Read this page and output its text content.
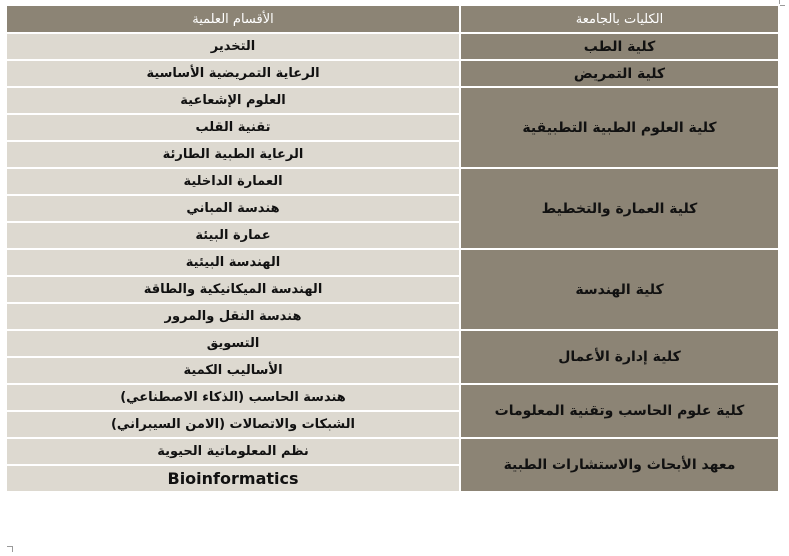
الأقسام العلمية	الكليات بالجامعة
التخدير	كلية الطب
الرعاية التمريضية الأساسية	كلية التمريض
العلوم الإشعاعية	كلية العلوم الطبية التطبيقية
تقنية القلب	
الرعاية الطبية الطارئة	
العمارة الداخلية	كلية العمارة والتخطيط
هندسة المباني	
عمارة البيئة	
الهندسة البيئية	كلية الهندسة
الهندسة الميكانيكية والطاقة	
هندسة النقل والمرور	
التسويق	كلية إدارة الأعمال
الأساليب الكمية	
هندسة الحاسب (الذكاء الاصطناعي)	كلية علوم الحاسب وتقنية المعلومات
الشبكات والاتصالات (الامن السيبراني)	
نظم المعلوماتية الحيوية	معهد الأبحاث والاستشارات الطبية
Bioinformatics	
